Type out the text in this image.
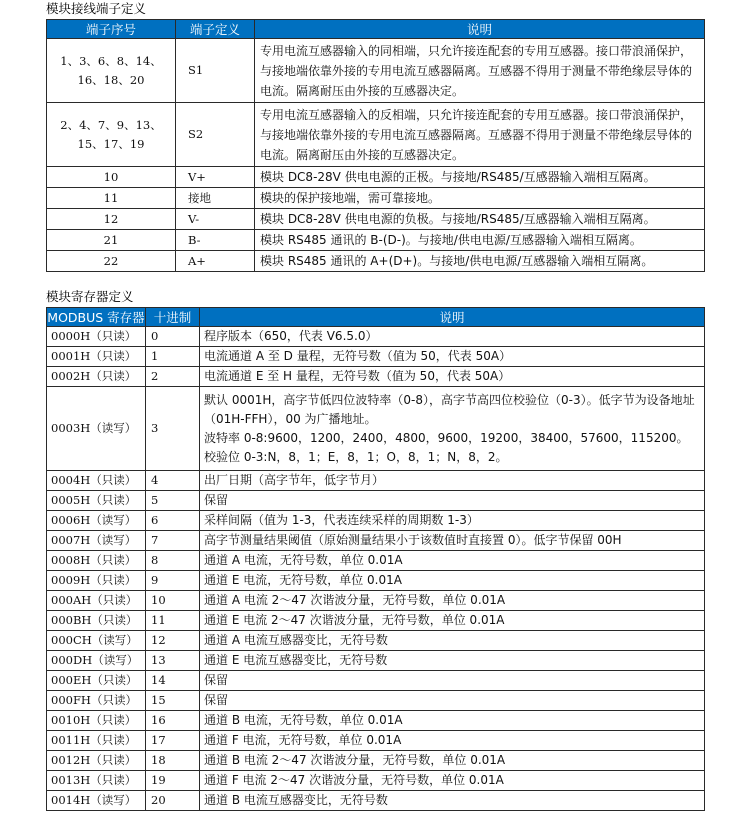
模块接线端子定义
端子序号	端子定义	说明
1、3、6、8、14、16、18、20	S1	专用电流互感器输入的同相端，只允许接连配套的专用互感器。接口带浪涌保护，与接地端依靠外接的专用电流互感器隔离。互感器不得用于测量不带绝缘层导体的电流。隔离耐压由外接的互感器决定。
2、4、7、9、13、15、17、19	S2	专用电流互感器输入的反相端，只允许接连配套的专用互感器。接口带浪涌保护，与接地端依靠外接的专用电流互感器隔离。互感器不得用于测量不带绝缘层导体的电流。隔离耐压由外接的互感器决定。
10	V+	模块 DC8-28V 供电电源的正极。与接地/RS485/互感器输入端相互隔离。
11	接地	模块的保护接地端，需可靠接地。
12	V-	模块 DC8-28V 供电电源的负极。与接地/RS485/互感器输入端相互隔离。
21	B-	模块 RS485 通讯的 B-(D-)。与接地/供电电源/互感器输入端相互隔离。
22	A+	模块 RS485 通讯的 A+(D+)。与接地/供电电源/互感器输入端相互隔离。
模块寄存器定义
MODBUS 寄存器	十进制	说明
0000H（只读）	0	程序版本（650，代表 V6.5.0）
0001H（只读）	1	电流通道 A 至 D 量程，无符号数（值为 50，代表 50A）
0002H（只读）	2	电流通道 E 至 H 量程，无符号数（值为 50，代表 50A）
0003H（读写）	3	默认 0001H，高字节低四位波特率（0-8），高字节高四位校验位（0-3）。低字节为设备地址（01H-FFH），00 为广播地址。
波特率 0-8:9600，1200，2400，4800，9600，19200，38400，57600，115200。
校验位 0-3:N，8，1；E，8，1；O，8，1；N，8，2。

0004H（只读）	4	出厂日期（高字节年，低字节月）
0005H（只读）	5	保留
0006H（读写）	6	采样间隔（值为 1-3，代表连续采样的周期数 1-3）
0007H（读写）	7	高字节测量结果阈值（原始测量结果小于该数值时直接置 0）。低字节保留 00H
0008H（只读）	8	通道 A 电流，无符号数，单位 0.01A
0009H（只读）	9	通道 E 电流，无符号数，单位 0.01A
000AH（只读）	10	通道 A 电流 2～47 次谐波分量，无符号数，单位 0.01A
000BH（只读）	11	通道 E 电流 2～47 次谐波分量，无符号数，单位 0.01A
000CH（读写）	12	通道 A 电流互感器变比，无符号数
000DH（读写）	13	通道 E 电流互感器变比，无符号数
000EH（只读）	14	保留
000FH（只读）	15	保留
0010H（只读）	16	通道 B 电流，无符号数，单位 0.01A
0011H（只读）	17	通道 F 电流，无符号数，单位 0.01A
0012H（只读）	18	通道 B 电流 2～47 次谐波分量，无符号数，单位 0.01A
0013H（只读）	19	通道 F 电流 2～47 次谐波分量，无符号数，单位 0.01A
0014H（读写）	20	通道 B 电流互感器变比，无符号数
